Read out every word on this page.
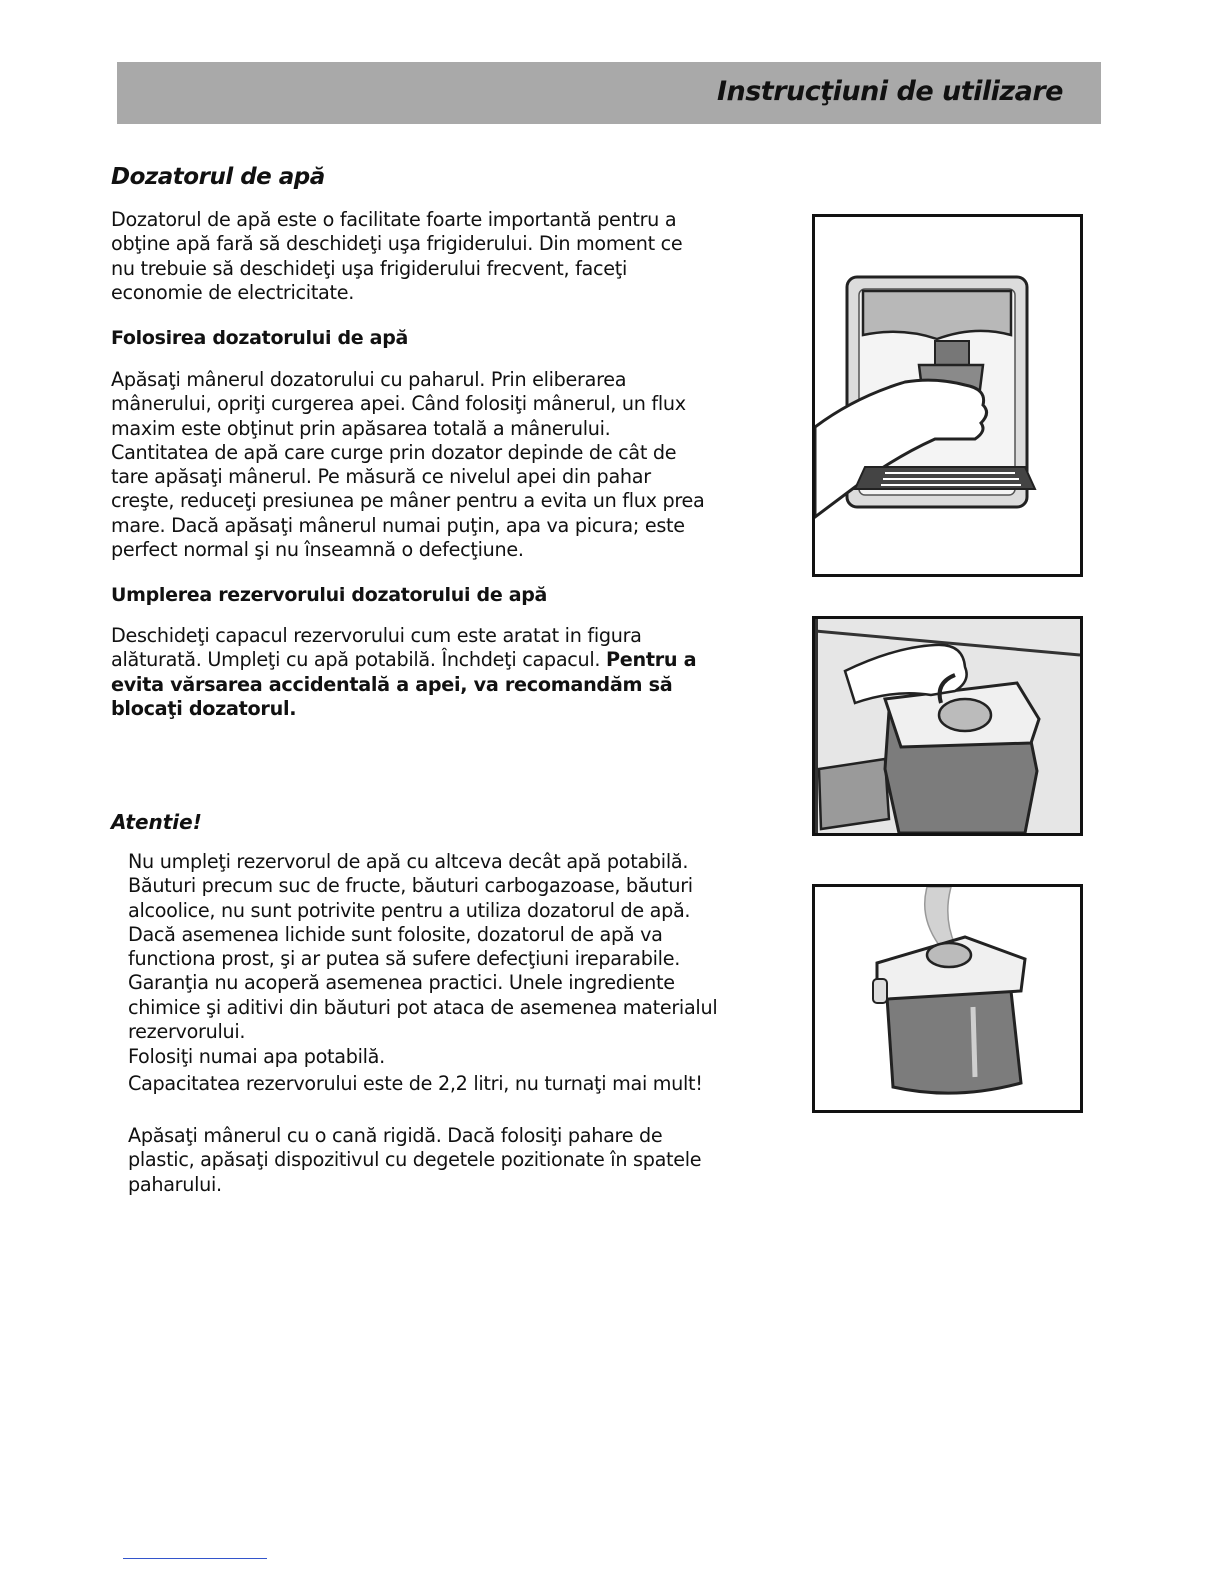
Instrucţiuni de utilizare
Dozatorul de apă
Dozatorul de apă este o facilitate foarte importantă pentru a obţine apă fară să deschideţi uşa frigiderului. Din moment ce nu trebuie să deschideţi uşa frigiderului frecvent, faceţi economie de electricitate.
Folosirea dozatorului de apă
Apăsaţi mânerul dozatorului cu paharul. Prin eliberarea mânerului, opriţi curgerea apei. Când folosiţi mânerul, un flux maxim este obţinut prin apăsarea totală a mânerului. Cantitatea de apă care curge prin dozator depinde de cât de tare apăsaţi mânerul. Pe măsură ce nivelul apei din pahar creşte, reduceţi presiunea pe mâner pentru a evita un flux prea mare. Dacă apăsaţi mânerul numai puţin, apa va picura; este perfect normal şi nu înseamnă o defecţiune.
Umplerea rezervorului dozatorului de apă
Deschideţi capacul rezervorului cum este aratat in figura alăturată. Umpleţi cu apă potabilă. Închdeţi capacul. Pentru a evita vărsarea accidentală a apei, va recomandăm să blocaţi dozatorul.
Atentie!
Nu umpleţi rezervorul de apă cu altceva decât apă potabilă. Băuturi precum suc de fructe, băuturi carbogazoase, băuturi alcoolice, nu sunt potrivite pentru a utiliza dozatorul de apă. Dacă asemenea lichide sunt folosite, dozatorul de apă va functiona prost, şi ar putea să sufere defecţiuni ireparabile. Garanţia nu acoperă asemenea practici. Unele ingrediente chimice şi aditivi din băuturi pot ataca de asemenea materialul rezervorului.
Folosiţi numai apa potabilă.
Capacitatea rezervorului este de 2,2 litri, nu turnaţi mai mult!
Apăsaţi mânerul cu o cană rigidă. Dacă folosiţi pahare de plastic, apăsaţi dispozitivul cu degetele pozitionate în spatele paharului.
